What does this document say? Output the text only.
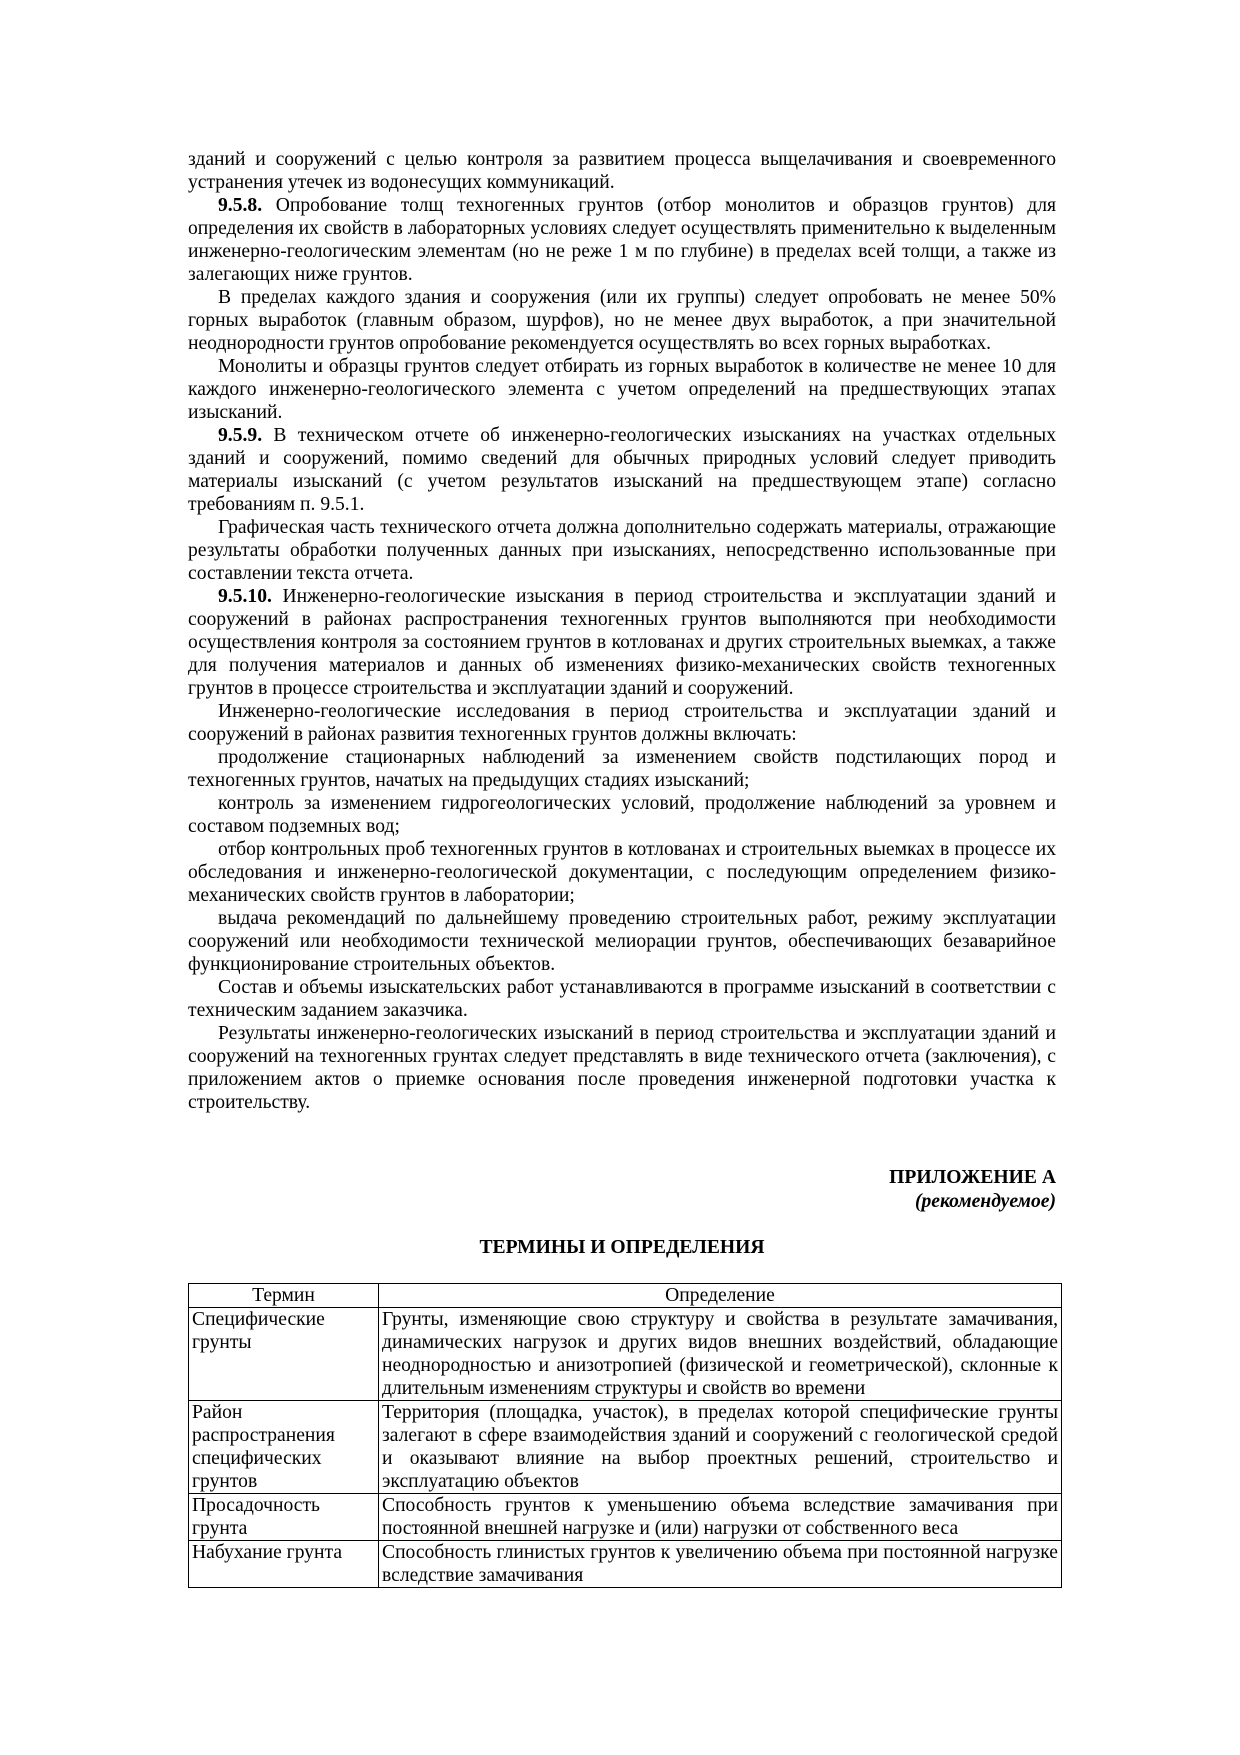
зданий и сооружений с целью контроля за развитием процесса выщелачивания и своевременного устранения утечек из водонесущих коммуникаций.

9.5.8. Опробование толщ техногенных грунтов (отбор монолитов и образцов грунтов) для определения их свойств в лабораторных условиях следует осуществлять применительно к выделенным инженерно-геологическим элементам (но не реже 1 м по глубине) в пределах всей толщи, а также из залегающих ниже грунтов.

В пределах каждого здания и сооружения (или их группы) следует опробовать не менее 50% горных выработок (главным образом, шурфов), но не менее двух выработок, а при значительной неоднородности грунтов опробование рекомендуется осуществлять во всех горных выработках.

Монолиты и образцы грунтов следует отбирать из горных выработок в количестве не менее 10 для каждого инженерно-геологического элемента с учетом определений на предшествующих этапах изысканий.

9.5.9. В техническом отчете об инженерно-геологических изысканиях на участках отдельных зданий и сооружений, помимо сведений для обычных природных условий следует приводить материалы изысканий (с учетом результатов изысканий на предшествующем этапе) согласно требованиям п. 9.5.1.

Графическая часть технического отчета должна дополнительно содержать материалы, отражающие результаты обработки полученных данных при изысканиях, непосредственно использованные при составлении текста отчета.

9.5.10. Инженерно-геологические изыскания в период строительства и эксплуатации зданий и сооружений в районах распространения техногенных грунтов выполняются при необходимости осуществления контроля за состоянием грунтов в котлованах и других строительных выемках, а также для получения материалов и данных об изменениях физико-механических свойств техногенных грунтов в процессе строительства и эксплуатации зданий и сооружений.

Инженерно-геологические исследования в период строительства и эксплуатации зданий и сооружений в районах развития техногенных грунтов должны включать:

продолжение стационарных наблюдений за изменением свойств подстилающих пород и техногенных грунтов, начатых на предыдущих стадиях изысканий;

контроль за изменением гидрогеологических условий, продолжение наблюдений за уровнем и составом подземных вод;

отбор контрольных проб техногенных грунтов в котлованах и строительных выемках в процессе их обследования и инженерно-геологической документации, с последующим определением физико-механических свойств грунтов в лаборатории;

выдача рекомендаций по дальнейшему проведению строительных работ, режиму эксплуатации сооружений или необходимости технической мелиорации грунтов, обеспечивающих безаварийное функционирование строительных объектов.

Состав и объемы изыскательских работ устанавливаются в программе изысканий в соответствии с техническим заданием заказчика.

Результаты инженерно-геологических изысканий в период строительства и эксплуатации зданий и сооружений на техногенных грунтах следует представлять в виде технического отчета (заключения), с приложением актов о приемке основания после проведения инженерной подготовки участка к строительству.

ПРИЛОЖЕНИЕ А
(рекомендуемое)
ТЕРМИНЫ И ОПРЕДЕЛЕНИЯ
Термин	Определение
Специфические грунты	Грунты, изменяющие свою структуру и свойства в результате замачивания, динамических нагрузок и других видов внешних воздействий, обладающие неоднородностью и анизотропией (физической и геометрической), склонные к длительным изменениям структуры и свойств во времени
Район распространения специфических грунтов	Территория (площадка, участок), в пределах которой специфические грунты залегают в сфере взаимодействия зданий и сооружений с геологической средой и оказывают влияние на выбор проектных решений, строительство и эксплуатацию объектов
Просадочность грунта	Способность грунтов к уменьшению объема вследствие замачивания при постоянной внешней нагрузке и (или) нагрузки от собственного веса
Набухание грунта	Способность глинистых грунтов к увеличению объема при постоянной нагрузке вследствие замачивания
